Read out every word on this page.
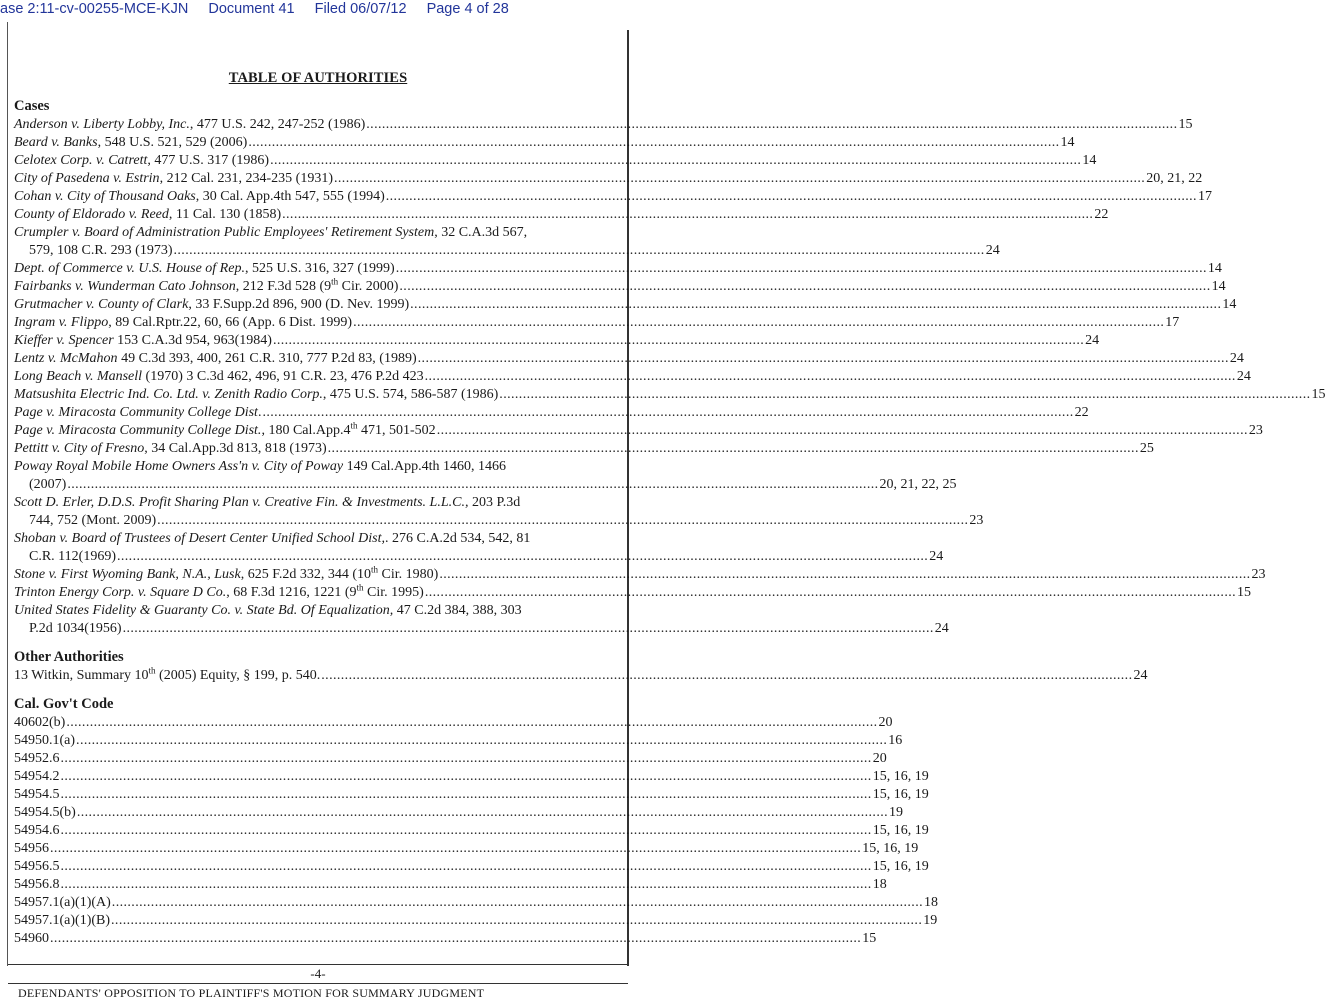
ase 2:11-cv-00255-MCE-KJN Document 41 Filed 06/07/12 Page 4 of 28
TABLE OF AUTHORITIES
Cases
Anderson v. Liberty Lobby, Inc., 477 U.S. 242, 247-252 (1986) .....	15
Beard v. Banks, 548 U.S. 521, 529 (2006) .....	14
Celotex Corp. v. Catrett, 477 U.S. 317 (1986) .....	14
City of Pasedena v. Estrin, 212 Cal. 231, 234-235 (1931) .....	20, 21, 22
Cohan v. City of Thousand Oaks, 30 Cal. App.4th 547, 555 (1994) .....	17
County of Eldorado v. Reed, 11 Cal. 130 (1858) .....	22
Crumpler v. Board of Administration Public Employees' Retirement System, 32 C.A.3d 567,
579, 108 C.R. 293 (1973) .....	24
Dept. of Commerce v. U.S. House of Rep., 525 U.S. 316, 327 (1999) .....	14
Fairbanks v. Wunderman Cato Johnson, 212 F.3d 528 (9th Cir. 2000) .....	14
Grutmacher v. County of Clark, 33 F.Supp.2d 896, 900 (D. Nev. 1999) .....	14
Ingram v. Flippo, 89 Cal.Rptr.22, 60, 66 (App. 6 Dist. 1999) .....	17
Kieffer v. Spencer 153 C.A.3d 954, 963(1984) .....	24
Lentz v. McMahon 49 C.3d 393, 400, 261 C.R. 310, 777 P.2d 83, (1989) .....	24
Long Beach v. Mansell (1970) 3 C.3d 462, 496, 91 C.R. 23, 476 P.2d 423 .....	24
Matsushita Electric Ind. Co. Ltd. v. Zenith Radio Corp., 475 U.S. 574, 586-587 (1986) .....	15
Page v. Miracosta Community College Dist. .....	22
Page v. Miracosta Community College Dist., 180 Cal.App.4th 471, 501-502 .....	23
Pettitt v. City of Fresno, 34 Cal.App.3d 813, 818 (1973) .....	25
Poway Royal Mobile Home Owners Ass'n v. City of Poway 149 Cal.App.4th 1460, 1466
(2007) .....	20, 21, 22, 25
Scott D. Erler, D.D.S. Profit Sharing Plan v. Creative Fin. & Investments. L.L.C., 203 P.3d
744, 752 (Mont. 2009) .....	23
Shoban v. Board of Trustees of Desert Center Unified School Dist,. 276 C.A.2d 534, 542, 81
C.R. 112(1969) .....	24
Stone v. First Wyoming Bank, N.A., Lusk, 625 F.2d 332, 344 (10th Cir. 1980) .....	23
Trinton Energy Corp. v. Square D Co., 68 F.3d 1216, 1221 (9th Cir. 1995) .....	15
United States Fidelity & Guaranty Co. v. State Bd. Of Equalization, 47 C.2d 384, 388, 303
P.2d 1034(1956) .....	24
Other Authorities
13 Witkin, Summary 10th (2005) Equity, § 199, p. 540. .....	24
Cal. Gov't Code
40602(b) .....	20
54950.1(a) .....	16
54952.6 .....	20
54954.2 .....	15, 16, 19
54954.5 .....	15, 16, 19
54954.5(b) .....	19
54954.6 .....	15, 16, 19
54956 .....	15, 16, 19
54956.5 .....	15, 16, 19
54956.8 .....	18
54957.1(a)(1)(A) .....	18
54957.1(a)(1)(B) .....	19
54960 .....	15
-4-
DEFENDANTS' OPPOSITION TO PLAINTIFF'S MOTION FOR SUMMARY JUDGMENT
